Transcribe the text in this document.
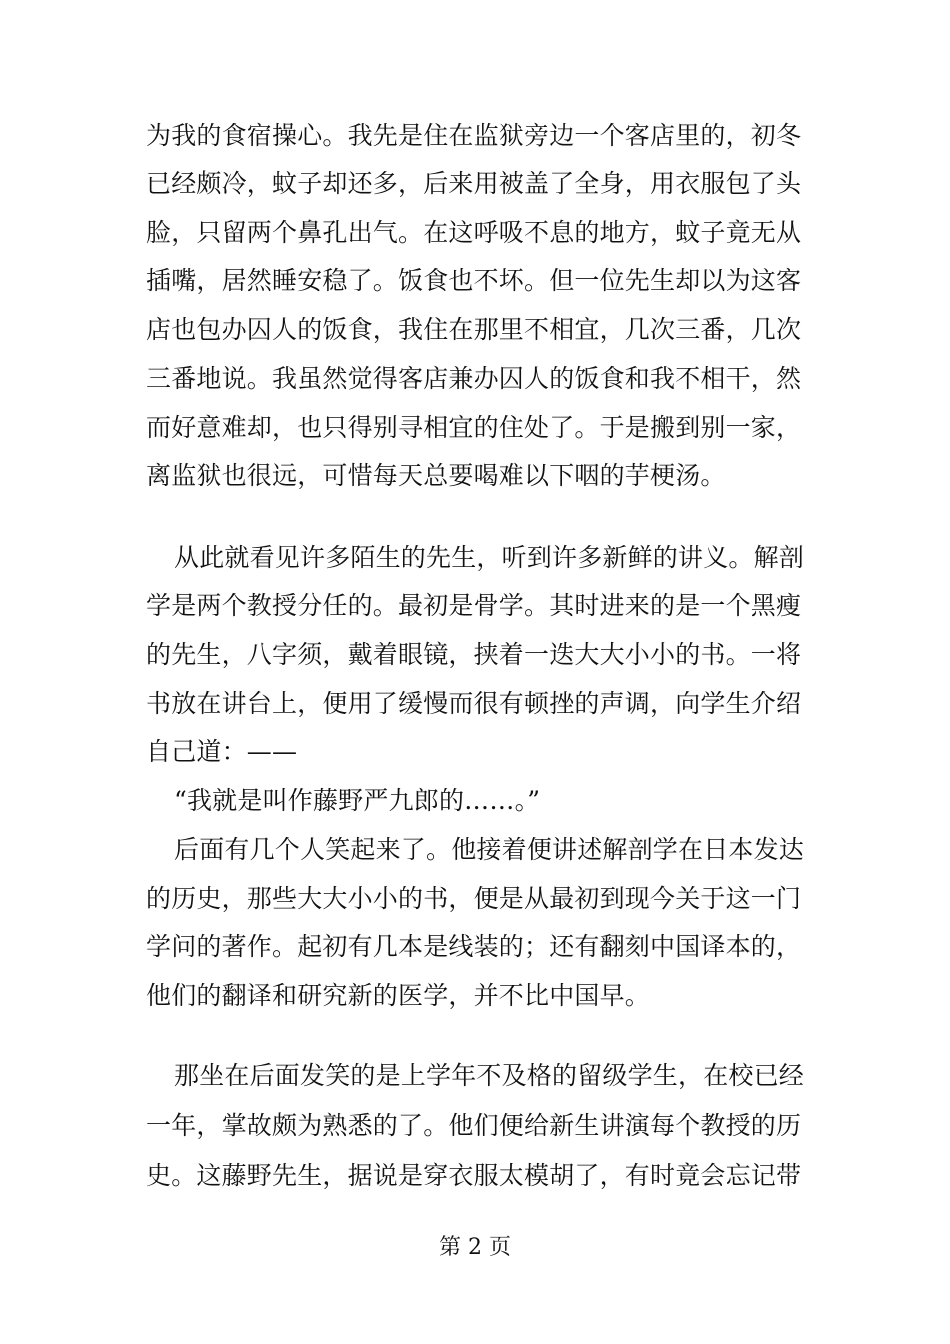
为我的食宿操心。我先是住在监狱旁边一个客店里的，初冬
已经颇冷，蚊子却还多，后来用被盖了全身，用衣服包了头
脸，只留两个鼻孔出气。在这呼吸不息的地方，蚊子竟无从
插嘴，居然睡安稳了。饭食也不坏。但一位先生却以为这客
店也包办囚人的饭食，我住在那里不相宜，几次三番，几次
三番地说。我虽然觉得客店兼办囚人的饭食和我不相干，然
而好意难却，也只得别寻相宜的住处了。于是搬到别一家，
离监狱也很远，可惜每天总要喝难以下咽的芋梗汤。
从此就看见许多陌生的先生，听到许多新鲜的讲义。解剖
学是两个教授分任的。最初是骨学。其时进来的是一个黑瘦
的先生，八字须，戴着眼镜，挟着一迭大大小小的书。一将
书放在讲台上，便用了缓慢而很有顿挫的声调，向学生介绍
自己道：——
“我就是叫作藤野严九郎的……。”
后面有几个人笑起来了。他接着便讲述解剖学在日本发达
的历史，那些大大小小的书，便是从最初到现今关于这一门
学问的著作。起初有几本是线装的；还有翻刻中国译本的，
他们的翻译和研究新的医学，并不比中国早。
那坐在后面发笑的是上学年不及格的留级学生，在校已经
一年，掌故颇为熟悉的了。他们便给新生讲演每个教授的历
史。这藤野先生，据说是穿衣服太模胡了，有时竟会忘记带
第 2 页
